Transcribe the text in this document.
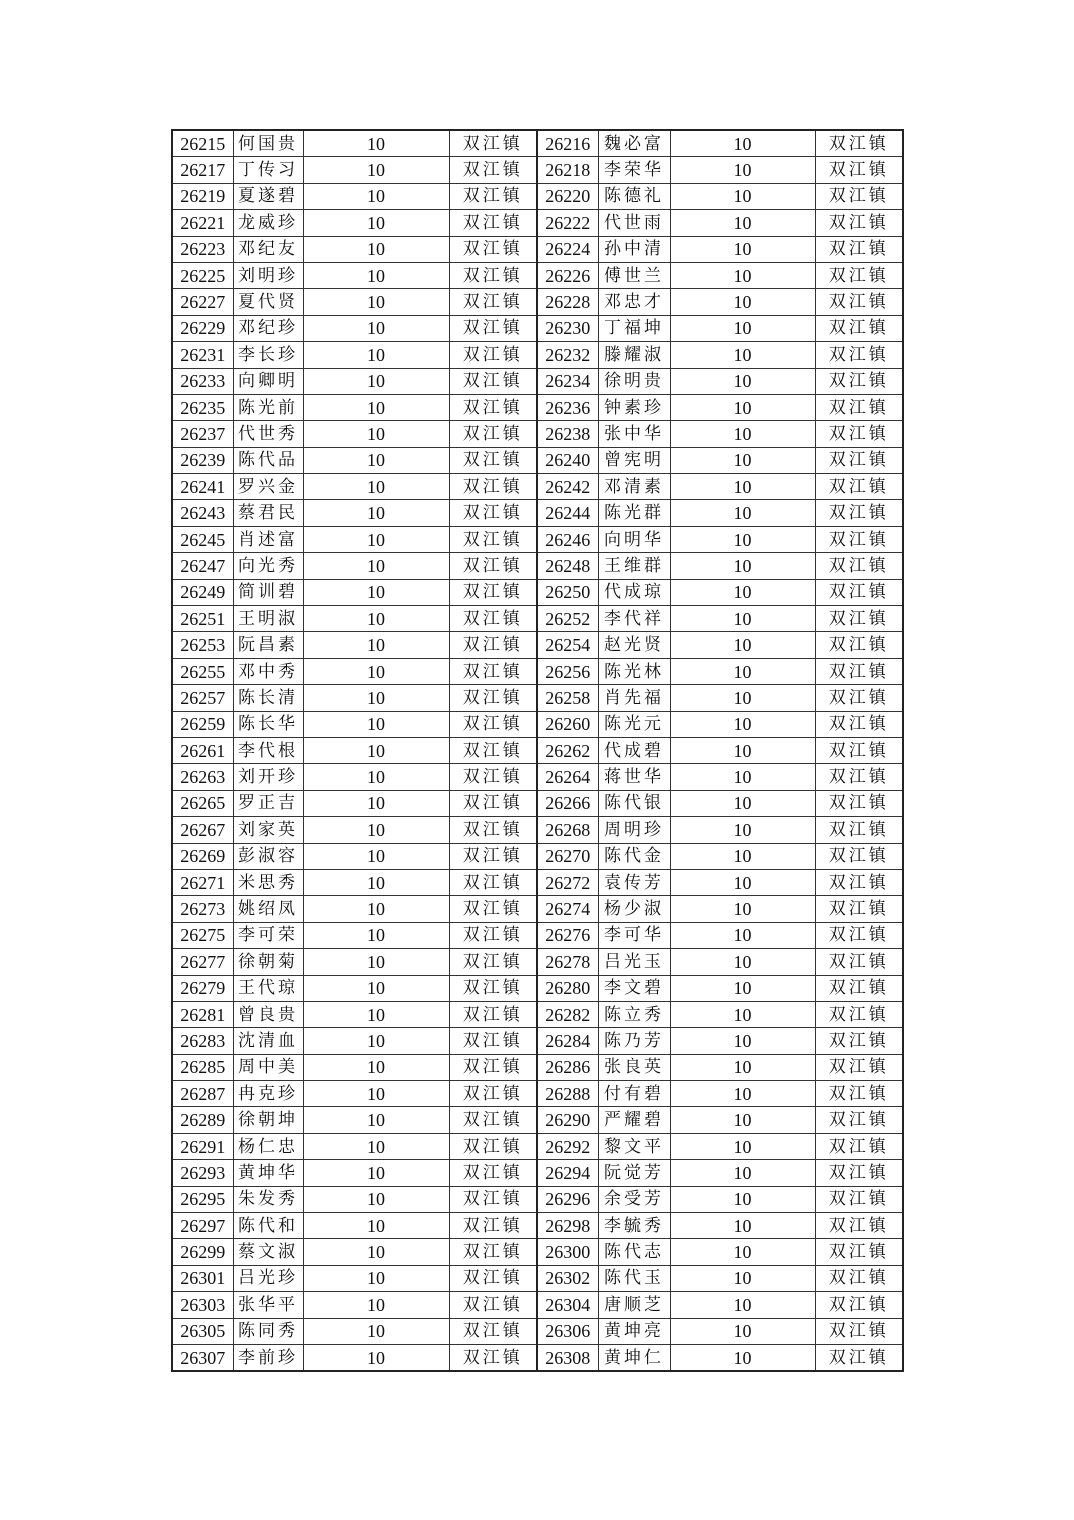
26215	何国贵	10	双江镇	26216	魏必富	10	双江镇
26217	丁传习	10	双江镇	26218	李荣华	10	双江镇
26219	夏遂碧	10	双江镇	26220	陈德礼	10	双江镇
26221	龙威珍	10	双江镇	26222	代世雨	10	双江镇
26223	邓纪友	10	双江镇	26224	孙中清	10	双江镇
26225	刘明珍	10	双江镇	26226	傅世兰	10	双江镇
26227	夏代贤	10	双江镇	26228	邓忠才	10	双江镇
26229	邓纪珍	10	双江镇	26230	丁福坤	10	双江镇
26231	李长珍	10	双江镇	26232	滕耀淑	10	双江镇
26233	向卿明	10	双江镇	26234	徐明贵	10	双江镇
26235	陈光前	10	双江镇	26236	钟素珍	10	双江镇
26237	代世秀	10	双江镇	26238	张中华	10	双江镇
26239	陈代品	10	双江镇	26240	曾宪明	10	双江镇
26241	罗兴金	10	双江镇	26242	邓清素	10	双江镇
26243	蔡君民	10	双江镇	26244	陈光群	10	双江镇
26245	肖述富	10	双江镇	26246	向明华	10	双江镇
26247	向光秀	10	双江镇	26248	王维群	10	双江镇
26249	简训碧	10	双江镇	26250	代成琼	10	双江镇
26251	王明淑	10	双江镇	26252	李代祥	10	双江镇
26253	阮昌素	10	双江镇	26254	赵光贤	10	双江镇
26255	邓中秀	10	双江镇	26256	陈光林	10	双江镇
26257	陈长清	10	双江镇	26258	肖先福	10	双江镇
26259	陈长华	10	双江镇	26260	陈光元	10	双江镇
26261	李代根	10	双江镇	26262	代成碧	10	双江镇
26263	刘开珍	10	双江镇	26264	蒋世华	10	双江镇
26265	罗正吉	10	双江镇	26266	陈代银	10	双江镇
26267	刘家英	10	双江镇	26268	周明珍	10	双江镇
26269	彭淑容	10	双江镇	26270	陈代金	10	双江镇
26271	米思秀	10	双江镇	26272	袁传芳	10	双江镇
26273	姚绍凤	10	双江镇	26274	杨少淑	10	双江镇
26275	李可荣	10	双江镇	26276	李可华	10	双江镇
26277	徐朝菊	10	双江镇	26278	吕光玉	10	双江镇
26279	王代琼	10	双江镇	26280	李文碧	10	双江镇
26281	曾良贵	10	双江镇	26282	陈立秀	10	双江镇
26283	沈清血	10	双江镇	26284	陈乃芳	10	双江镇
26285	周中美	10	双江镇	26286	张良英	10	双江镇
26287	冉克珍	10	双江镇	26288	付有碧	10	双江镇
26289	徐朝坤	10	双江镇	26290	严耀碧	10	双江镇
26291	杨仁忠	10	双江镇	26292	黎文平	10	双江镇
26293	黄坤华	10	双江镇	26294	阮觉芳	10	双江镇
26295	朱发秀	10	双江镇	26296	余受芳	10	双江镇
26297	陈代和	10	双江镇	26298	李毓秀	10	双江镇
26299	蔡文淑	10	双江镇	26300	陈代志	10	双江镇
26301	吕光珍	10	双江镇	26302	陈代玉	10	双江镇
26303	张华平	10	双江镇	26304	唐顺芝	10	双江镇
26305	陈同秀	10	双江镇	26306	黄坤亮	10	双江镇
26307	李前珍	10	双江镇	26308	黄坤仁	10	双江镇
